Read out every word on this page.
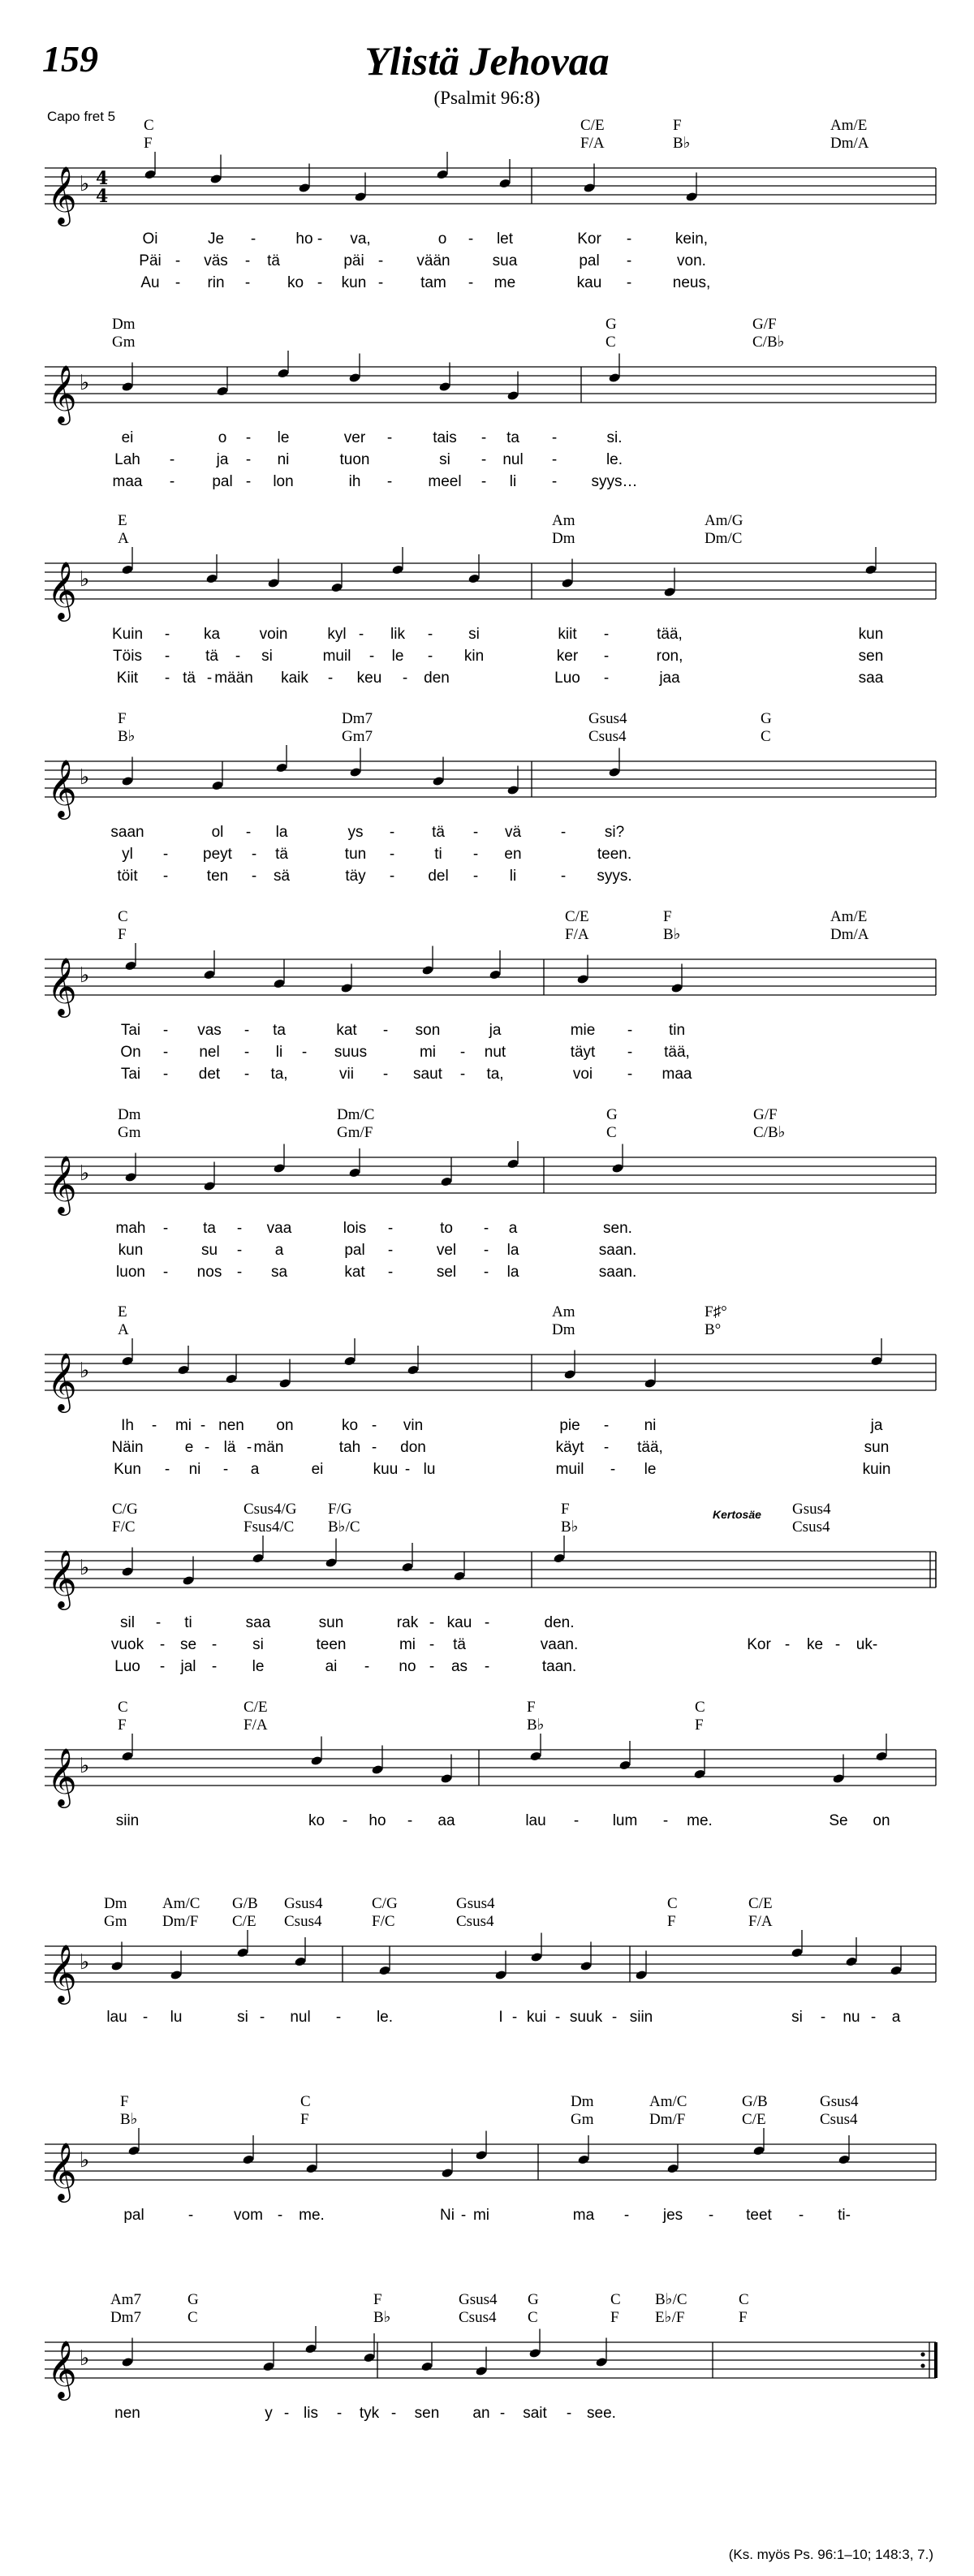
159	Ylistä Jehovaa
(Psalmit 96:8)
Capo fret 5
C	C/E	F	Am/E
F	F/A	B♭	Dm/A
𝄞 ♭ 4
4
Oi	Je -	ho - va,	o - let	Kor -	kein,
Päi - väs - tä	päi - vään	sua	pal -	von.
Au - rin - ko - kun - tam - me	kau -	neus,
Dm	G	G/F
Gm	C	C/B♭
𝄞 ♭
ei	o - le	ver -	tais - ta -	si.
Lah -	ja - ni	tuon	si - nul -	le.
maa - pal - lon	ih - meel - li - syys…
E	Am	Am/G
A	Dm	Dm/C
𝄞 ♭
Kuin - ka	voin	kyl - lik - si	kiit -	tää,	kun
Töis - tä - si	muil - le - kin	ker -	ron,	sen
Kiit - tä - mään kaik - keu - den	Luo -	jaa	saa
F	Dm7	Gsus4	G
B♭	Gm7	Csus4	C
𝄞 ♭
saan	ol - la	ys - tä - vä	-	si?
yl - peyt - tä	tun -	ti - en	teen.
töit -	ten - sä	täy - del - li	- syys.
C	C/E	F	Am/E
F	F/A	B♭	Dm/A
𝄞 ♭
Tai - vas - ta	kat - son	ja	mie - tin
On - nel - li - suus	mi - nut	täyt - tää,
Tai - det - ta,	vii - saut - ta,	voi - maa
Dm	Dm/C	G	G/F
Gm	Gm/F	C	C/B♭
𝄞 ♭
mah - ta - vaa	lois -	to - a	sen.
kun	su - a	pal -	vel - la	saan.
luon - nos - sa	kat -	sel - la	saan.
E	Am	F♯°
A	Dm	B°
𝄞 ♭
Ih - mi - nen on	ko - vin	pie - ni	ja
Näin	e - lä - män	tah - don	käyt - tää,	sun
Kun - ni - a	ei	kuu - lu	muil - le	kuin
C/G	Csus4/G F/G	F	Gsus4
F/C	Fsus4/C B♭/C	B♭	Csus4
𝄞 ♭
Kertosäe
sil - ti	saa	sun	rak - kau -	den.
vuok - se - si	teen	mi - tä	vaan.	Kor - ke - uk-
Luo - jal - le	ai - no - as -	taan.
C	C/E	F	C
F	F/A	B♭	F
𝄞 ♭
siin	ko - ho - aa	lau - lum - me.	Se on
Dm Am/C G/B Gsus4	C/G	Gsus4	C	C/E
Gm Dm/F C/E Csus4	F/C	Csus4	F	F/A
𝄞 ♭
lau - lu	si - nul - le.	I - kui - suuk - siin	si - nu - a
F	C	Dm	Am/C	G/B	Gsus4
B♭	F	Gm	Dm/F	C/E	Csus4
𝄞 ♭
pal	-	vom - me.	Ni - mi	ma - jes - teet - ti-
Am7	G	F	Gsus4 G	C B♭/C	C
Dm7	C	B♭	Csus4 C	F E♭/F	F
𝄞 ♭
nen	y - lis - tyk - sen an - sait - see.
(Ks. myös Ps. 96:1–10; 148:3, 7.)
